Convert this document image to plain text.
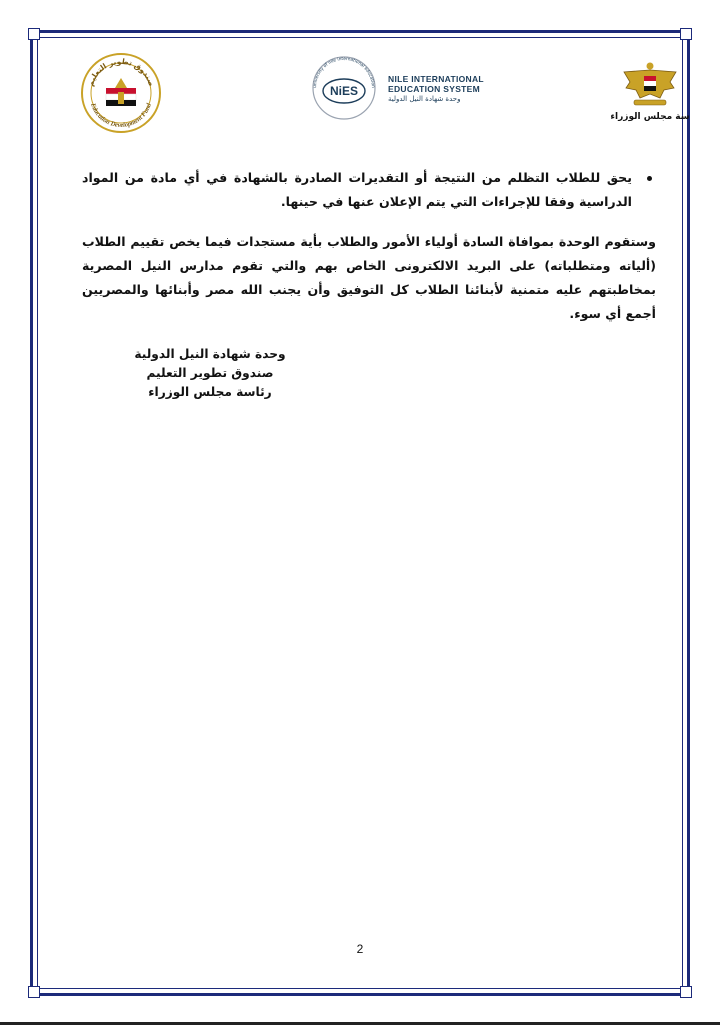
صندوق تطوير التعليم
Education Development Fund
university of nile international education
NiES
NILE INTERNATIONAL
EDUCATION SYSTEM
وحدة شهادة النيل الدولية
سة مجلس الوزراء

يحق للطلاب التظلم من النتيجة أو التقديرات الصادرة بالشهادة في أي مادة من المواد الدراسية وفقا للإجراءات التي يتم الإعلان عنها في حينها.

وستقوم الوحدة بموافاة السادة أولياء الأمور والطلاب بأية مستجدات فيما يخص تقييم الطلاب (ألياته ومتطلباته) على البريد الالكترونى الخاص بهم والتي تقوم مدارس النيل المصرية بمخاطبتهم عليه متمنية لأبنائنا الطلاب كل التوفيق وأن يجنب الله مصر وأبنائها والمصريين أجمع أي سوء.

وحدة شهادة النيل الدولية
صندوق تطوير التعليم
رئاسة مجلس الوزراء
2
